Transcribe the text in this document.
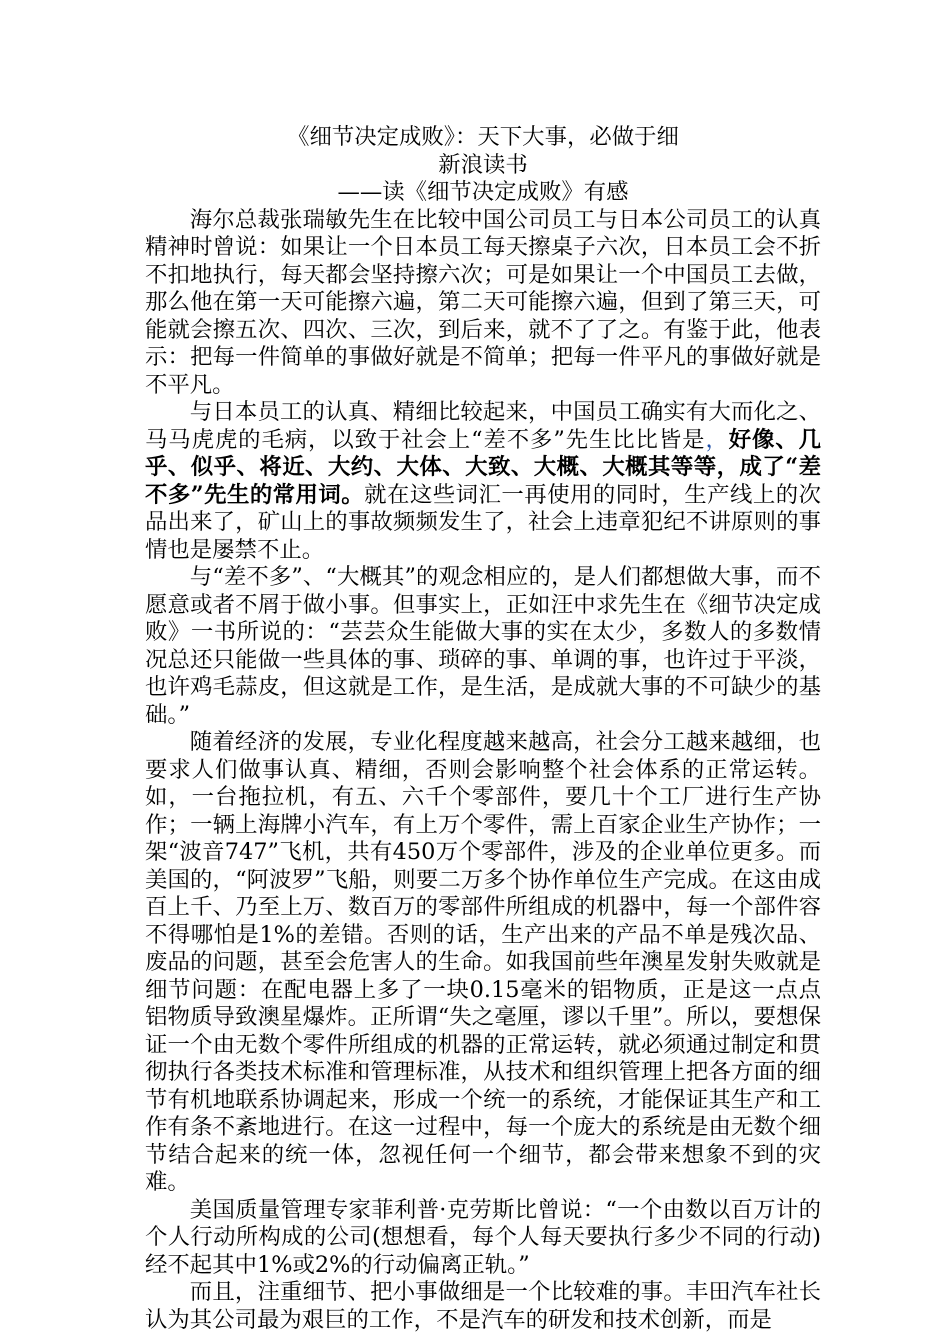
《细节决定成败》：天下大事，必做于细

新浪读书

——读《细节决定成败》有感

海尔总裁张瑞敏先生在比较中国公司员工与日本公司员工的认真精神时曾说：如果让一个日本员工每天擦桌子六次，日本员工会不折不扣地执行，每天都会坚持擦六次；可是如果让一个中国员工去做，那么他在第一天可能擦六遍，第二天可能擦六遍，但到了第三天，可能就会擦五次、四次、三次，到后来，就不了了之。有鉴于此，他表示：把每一件简单的事做好就是不简单；把每一件平凡的事做好就是不平凡。

与日本员工的认真、精细比较起来，中国员工确实有大而化之、马马虎虎的毛病，以致于社会上“差不多”先生比比皆是，好像、几乎、似乎、将近、大约、大体、大致、大概、大概其等等，成了“差不多”先生的常用词。就在这些词汇一再使用的同时，生产线上的次品出来了，矿山上的事故频频发生了，社会上违章犯纪不讲原则的事情也是屡禁不止。

与“差不多”、“大概其”的观念相应的，是人们都想做大事，而不愿意或者不屑于做小事。但事实上，正如汪中求先生在《细节决定成败》一书所说的：“芸芸众生能做大事的实在太少，多数人的多数情况总还只能做一些具体的事、琐碎的事、单调的事，也许过于平淡，也许鸡毛蒜皮，但这就是工作，是生活，是成就大事的不可缺少的基础。”

随着经济的发展，专业化程度越来越高，社会分工越来越细，也要求人们做事认真、精细，否则会影响整个社会体系的正常运转。如，一台拖拉机，有五、六千个零部件，要几十个工厂进行生产协作；一辆上海牌小汽车，有上万个零件，需上百家企业生产协作；一架“波音747”飞机，共有450万个零部件，涉及的企业单位更多。而美国的，“阿波罗”飞船，则要二万多个协作单位生产完成。在这由成百上千、乃至上万、数百万的零部件所组成的机器中，每一个部件容不得哪怕是1%的差错。否则的话，生产出来的产品不单是残次品、废品的问题，甚至会危害人的生命。如我国前些年澳星发射失败就是细节问题：在配电器上多了一块0.15毫米的铝物质，正是这一点点铝物质导致澳星爆炸。正所谓“失之毫厘，谬以千里”。所以，要想保证一个由无数个零件所组成的机器的正常运转，就必须通过制定和贯彻执行各类技术标准和管理标准，从技术和组织管理上把各方面的细节有机地联系协调起来，形成一个统一的系统，才能保证其生产和工作有条不紊地进行。在这一过程中，每一个庞大的系统是由无数个细节结合起来的统一体，忽视任何一个细节，都会带来想象不到的灾难。

美国质量管理专家菲利普·克劳斯比曾说：“一个由数以百万计的个人行动所构成的公司(想想看，每个人每天要执行多少不同的行动)经不起其中1%或2%的行动偏离正轨。”

而且，注重细节、把小事做细是一个比较难的事。丰田汽车社长认为其公司最为艰巨的工作，不是汽车的研发和技术创新，而是
